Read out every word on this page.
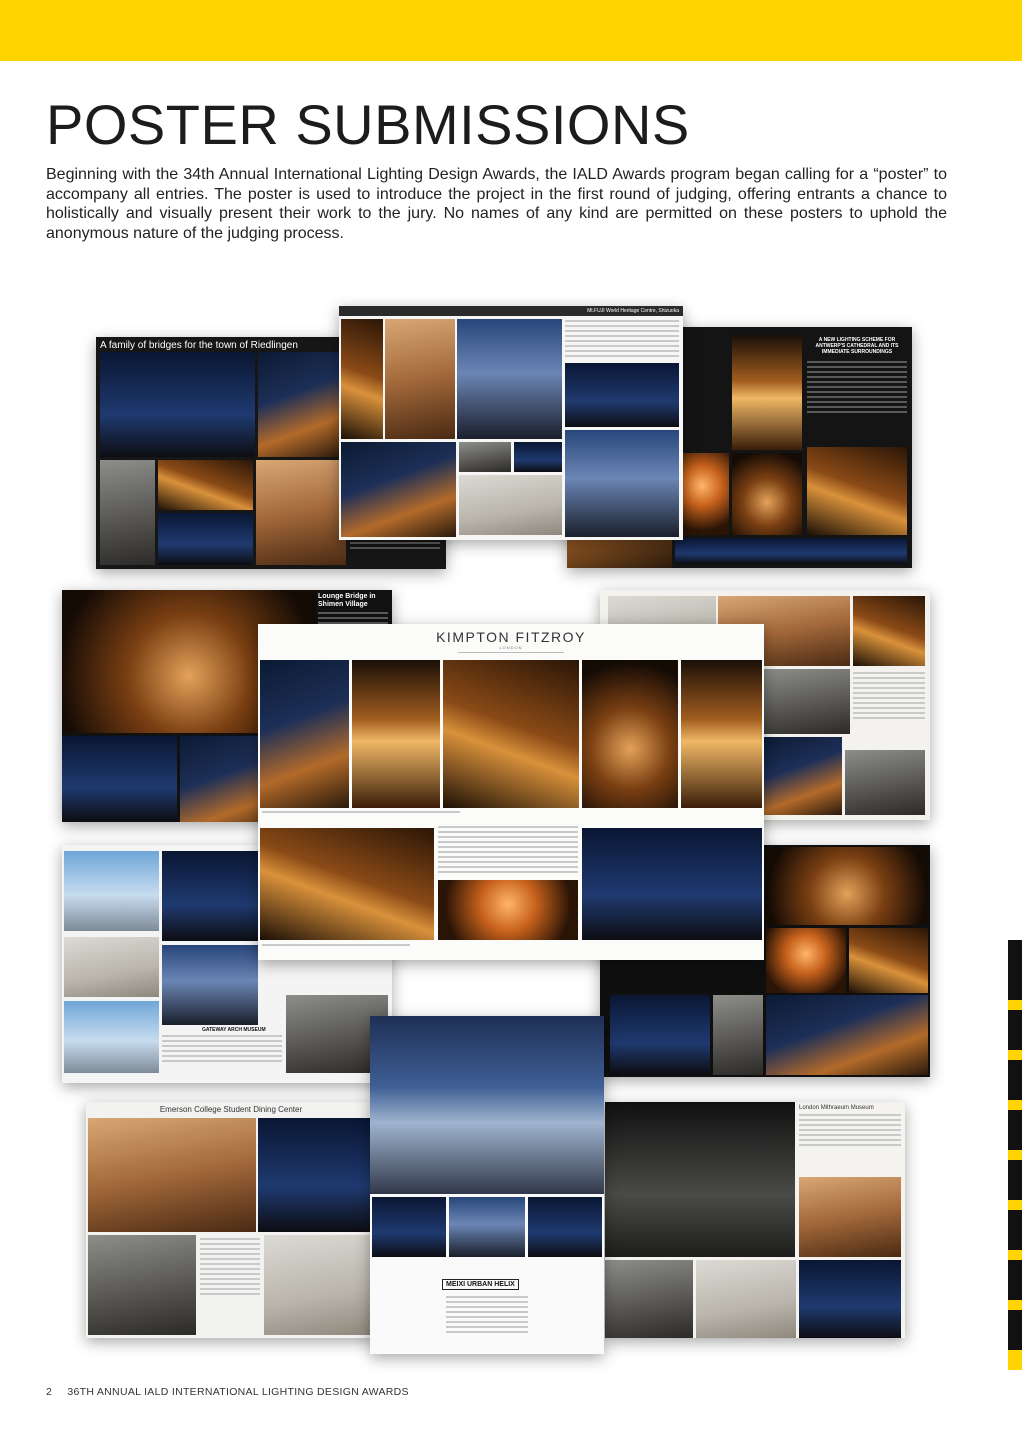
POSTER SUBMISSIONS

Beginning with the 34th Annual International Lighting Design Awards, the IALD Awards program began calling for a “poster” to accompany all entries. The poster is used to introduce the project in the first round of judging, offering entrants a chance to holistically and visually present their work to the jury. No names of any kind are permitted on these posters to uphold the anonymous nature of the judging process.

A family of bridges for the town of Riedlingen	A NEW LIGHTING SCHEME FOR ANTWERP'S CATHEDRAL AND ITS IMMEDIATE SURROUNDINGS
Mt.FUJI World Heritage Centre, Shizuoka
Lounge Bridge in Shimen Village
GATEWAY ARCH MUSEUM
KIMPTON FITZROY
LONDON
Emerson College Student Dining Center	London Mithraeum Museum
MEIXI URBAN HELIX
2 36TH ANNUAL IALD INTERNATIONAL LIGHTING DESIGN AWARDS
